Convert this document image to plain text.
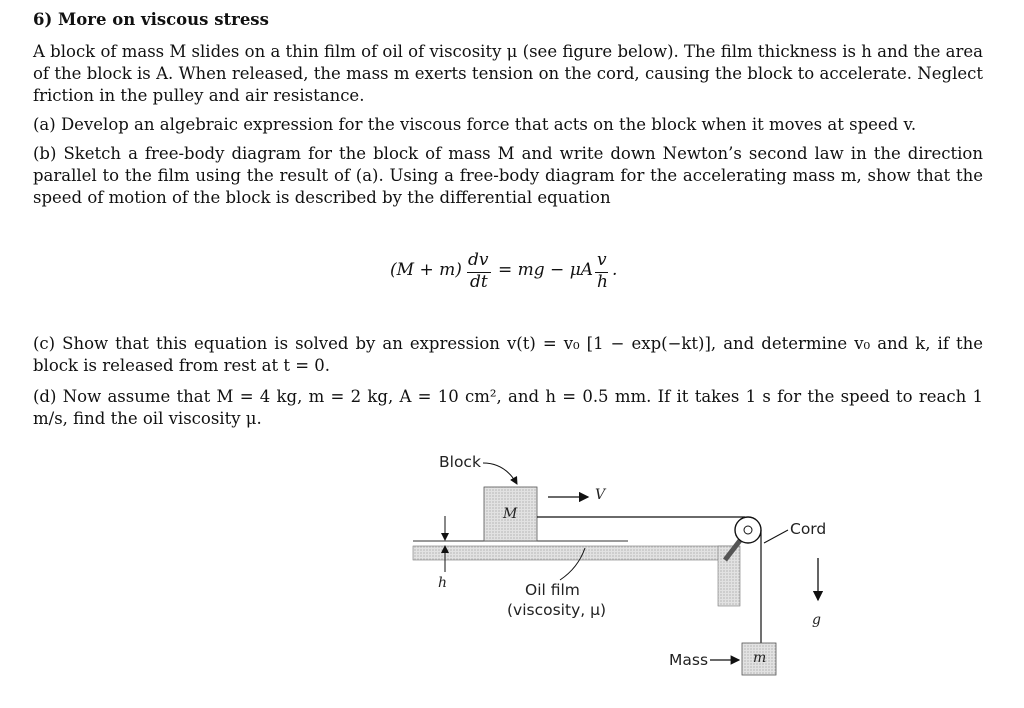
6) More on viscous stress

A block of mass M slides on a thin film of oil of viscosity μ (see figure below). The film thickness is h and the area of the block is A. When released, the mass m exerts tension on the cord, causing the block to accelerate. Neglect friction in the pulley and air resistance.

(a) Develop an algebraic expression for the viscous force that acts on the block when it moves at speed v.

(b) Sketch a free-body diagram for the block of mass M and write down Newton’s second law in the direction parallel to the film using the result of (a). Using a free-body diagram for the accelerating mass m, show that the speed of motion of the block is described by the differential equation

(M + m) dv
dt
= mg − μA v
h
.

(c) Show that this equation is solved by an expression v(t) = v₀ [1 − exp(−kt)], and determine v₀ and k, if the block is released from rest at t = 0.

(d) Now assume that M = 4 kg, m = 2 kg, A = 10 cm², and h = 0.5 mm. If it takes 1 s for the speed to reach 1 m/s, find the oil viscosity μ.

Block
M
V
Cord
g
h	Oil film
(viscosity, μ)
Mass	m
